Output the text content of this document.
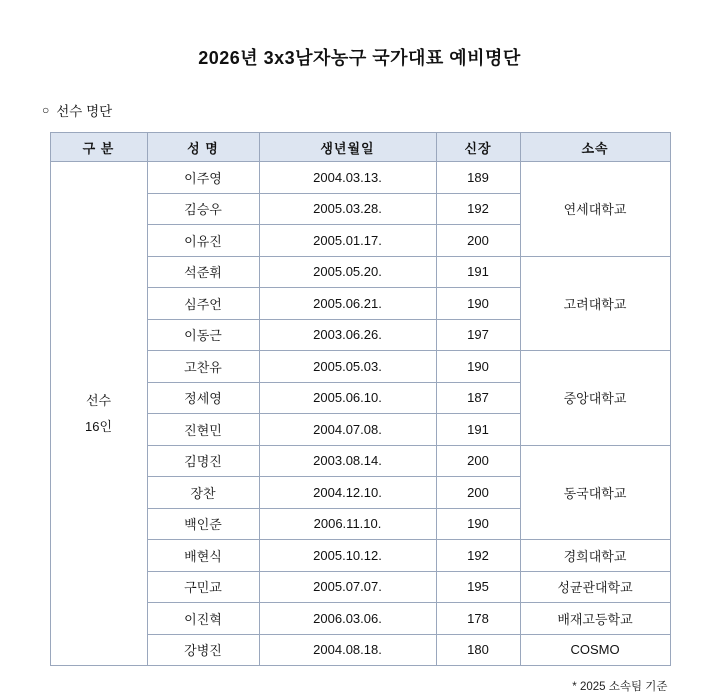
2026년 3x3남자농구 국가대표 예비명단
○ 선수 명단
구 분	성 명	생년월일	신장	소속

선수
16인	이주영	2004.03.13.	189	연세대학교
	김승우	2005.03.28.	192	
	이유진	2005.01.17.	200	
	석준휘	2005.05.20.	191	고려대학교
	심주언	2005.06.21.	190	
	이동근	2003.06.26.	197	
	고찬유	2005.05.03.	190	중앙대학교
	정세영	2005.06.10.	187	
	진현민	2004.07.08.	191	
	김명진	2003.08.14.	200	동국대학교
	장찬	2004.12.10.	200	
	백인준	2006.11.10.	190	
	배현식	2005.10.12.	192	경희대학교
	구민교	2005.07.07.	195	성균관대학교
	이진혁	2006.03.06.	178	배재고등학교
	강병진	2004.08.18.	180	COSMO
* 2025 소속팀 기준
